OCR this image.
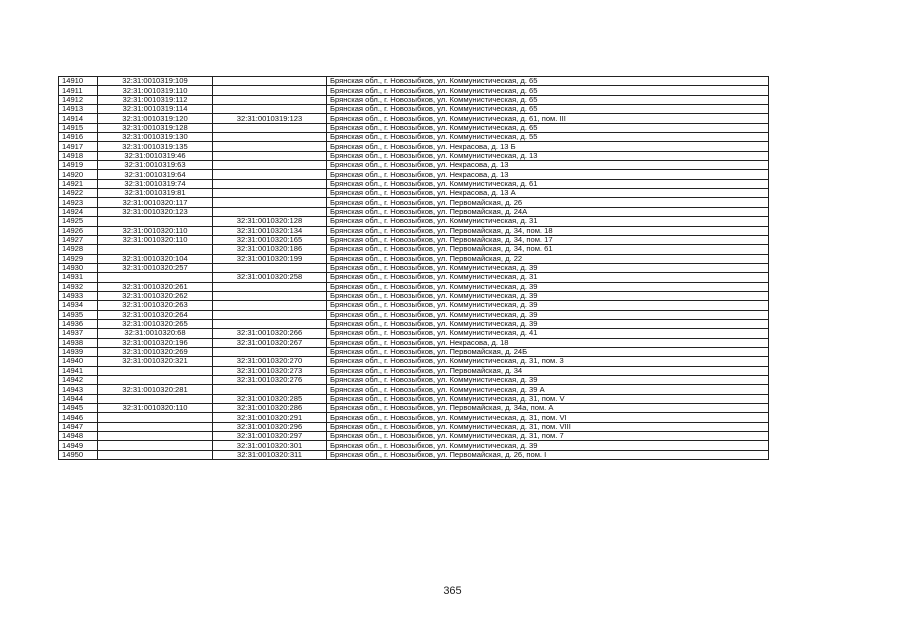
14910	32:31:0010319:109		Брянская обл., г. Новозыбков, ул. Коммунистическая, д. 65
14911	32:31:0010319:110		Брянская обл., г. Новозыбков, ул. Коммунистическая, д. 65
14912	32:31:0010319:112		Брянская обл., г. Новозыбков, ул. Коммунистическая, д. 65
14913	32:31:0010319:114		Брянская обл., г. Новозыбков, ул. Коммунистическая, д. 65
14914	32:31:0010319:120	32:31:0010319:123	Брянская обл., г. Новозыбков, ул. Коммунистическая, д. 61, пом. III
14915	32:31:0010319:128		Брянская обл., г. Новозыбков, ул. Коммунистическая, д. 65
14916	32:31:0010319:130		Брянская обл., г. Новозыбков, ул. Коммунистическая, д. 55
14917	32:31:0010319:135		Брянская обл., г. Новозыбков, ул. Некрасова, д. 13 Б
14918	32:31:0010319:46		Брянская обл., г. Новозыбков, ул. Коммунистическая, д. 13
14919	32:31:0010319:63		Брянская обл., г. Новозыбков, ул. Некрасова, д. 13
14920	32:31:0010319:64		Брянская обл., г. Новозыбков, ул. Некрасова, д. 13
14921	32:31:0010319:74		Брянская обл., г. Новозыбков, ул. Коммунистическая, д. 61
14922	32:31:0010319:81		Брянская обл., г. Новозыбков, ул. Некрасова, д. 13 А
14923	32:31:0010320:117		Брянская обл., г. Новозыбков, ул. Первомайская, д. 26
14924	32:31:0010320:123		Брянская обл., г. Новозыбков, ул. Первомайская, д. 24А
14925		32:31:0010320:128	Брянская обл., г. Новозыбков, ул. Коммунистическая, д. 31
14926	32:31:0010320:110	32:31:0010320:134	Брянская обл., г. Новозыбков, ул. Первомайская, д. 34, пом. 18
14927	32:31:0010320:110	32:31:0010320:165	Брянская обл., г. Новозыбков, ул. Первомайская, д. 34, пом. 17
14928		32:31:0010320:186	Брянская обл., г. Новозыбков, ул. Первомайская, д. 34, пом. 61
14929	32:31:0010320:104	32:31:0010320:199	Брянская обл., г. Новозыбков, ул. Первомайская, д. 22
14930	32:31:0010320:257		Брянская обл., г. Новозыбков, ул. Коммунистическая, д. 39
14931		32:31:0010320:258	Брянская обл., г. Новозыбков, ул. Коммунистическая, д. 31
14932	32:31:0010320:261		Брянская обл., г. Новозыбков, ул. Коммунистическая, д. 39
14933	32:31:0010320:262		Брянская обл., г. Новозыбков, ул. Коммунистическая, д. 39
14934	32:31:0010320:263		Брянская обл., г. Новозыбков, ул. Коммунистическая, д. 39
14935	32:31:0010320:264		Брянская обл., г. Новозыбков, ул. Коммунистическая, д. 39
14936	32:31:0010320:265		Брянская обл., г. Новозыбков, ул. Коммунистическая, д. 39
14937	32:31:0010320:68	32:31:0010320:266	Брянская обл., г. Новозыбков, ул. Коммунистическая, д. 41
14938	32:31:0010320:196	32:31:0010320:267	Брянская обл., г. Новозыбков, ул. Некрасова, д. 18
14939	32:31:0010320:269		Брянская обл., г. Новозыбков, ул. Первомайская, д. 24Б
14940	32:31:0010320:321	32:31:0010320:270	Брянская обл., г. Новозыбков, ул. Коммунистическая, д. 31, пом. 3
14941		32:31:0010320:273	Брянская обл., г. Новозыбков, ул. Первомайская, д. 34
14942		32:31:0010320:276	Брянская обл., г. Новозыбков, ул. Коммунистическая, д. 39
14943	32:31:0010320:281		Брянская обл., г. Новозыбков, ул. Коммунистическая, д. 39 А
14944		32:31:0010320:285	Брянская обл., г. Новозыбков, ул. Коммунистическая, д. 31, пом. V
14945	32:31:0010320:110	32:31:0010320:286	Брянская обл., г. Новозыбков, ул. Первомайская, д. 34а, пом. А
14946		32:31:0010320:291	Брянская обл., г. Новозыбков, ул. Коммунистическая, д. 31, пом. VI
14947		32:31:0010320:296	Брянская обл., г. Новозыбков, ул. Коммунистическая, д. 31, пом. VIII
14948		32:31:0010320:297	Брянская обл., г. Новозыбков, ул. Коммунистическая, д. 31, пом. 7
14949		32:31:0010320:301	Брянская обл., г. Новозыбков, ул. Коммунистическая, д. 39
14950		32:31:0010320:311	Брянская обл., г. Новозыбков, ул. Первомайская, д. 26, пом. I
365
